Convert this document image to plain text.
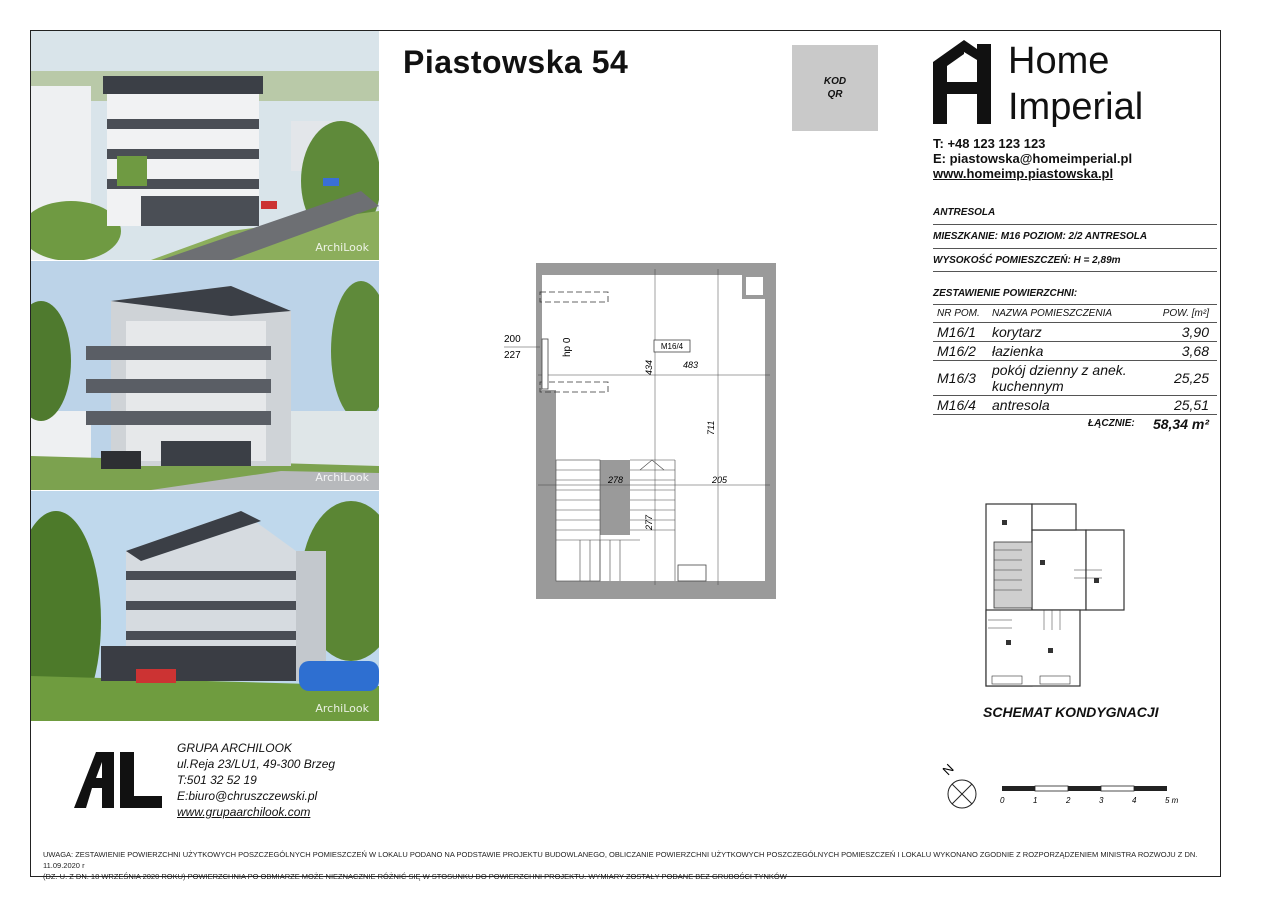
ArchiLook
ArchiLook
ArchiLook
Piastowska 54
KOD
QR
Home
Imperial
T: +48 123 123 123
E: piastowska@homeimperial.pl
www.homeimp.piastowska.pl
ANTRESOLA
MIESZKANIE: M16 POZIOM: 2/2 ANTRESOLA
WYSOKOŚĆ POMIESZCZEŃ: H = 2,89m
ZESTAWIENIE POWIERZCHNI:
NR POM.	NAZWA POMIESZCZENIA	POW. [m²]
M16/1	korytarz	3,90
M16/2	łazienka	3,68
M16/3	pokój dzienny z anek. kuchennym	25,25
M16/4	antresola	25,51
	ŁĄCZNIE:	58,34 m²
M16/4
483
434
711
278	205
277
200
227	hp 0
SCHEMAT KONDYGNACJI
N
0	1	2	3	4	5 m
GRUPA ARCHILOOK
ul.Reja 23/LU1, 49-300 Brzeg
T:501 32 52 19
E:biuro@chruszczewski.pl
www.grupaarchilook.com
UWAGA: ZESTAWIENIE POWIERZCHNI UŻYTKOWYCH POSZCZEGÓLNYCH POMIESZCZEŃ W LOKALU PODANO NA PODSTAWIE PROJEKTU BUDOWLANEGO, OBLICZANIE POWIERZCHNI UŻYTKOWYCH POSZCZEGÓLNYCH POMIESZCZEŃ I LOKALU WYKONANO ZGODNIE Z ROZPORZĄDZENIEM MINISTRA ROZWOJU Z DN. 11.09.2020 r
(DZ. U. Z DN. 18 WRZEŚNIA 2020 ROKU) POWIERZCHNIA PO OBMIARZE MOŻE NIEZNACZNIE RÓŻNIĆ SIĘ W STOSUNKU DO POWIERZCHNI PROJEKTU. WYMIARY ZOSTAŁY PODANE BEZ GRUBOŚCI TYNKÓW
